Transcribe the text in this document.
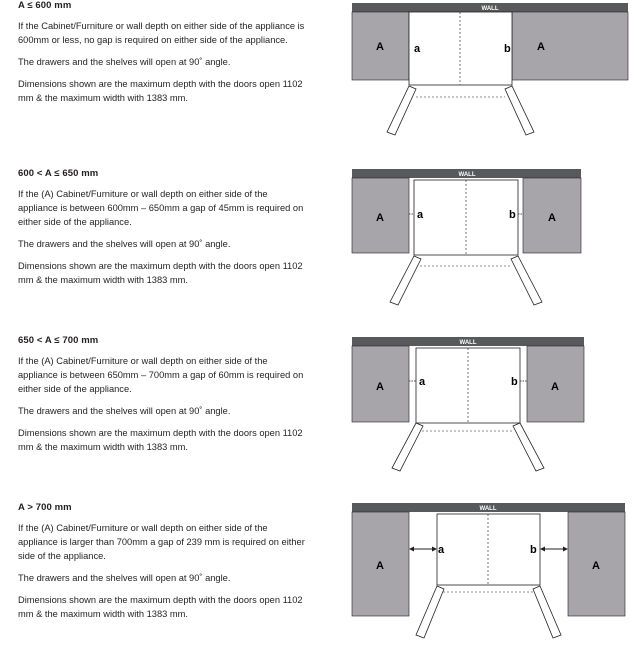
A ≤ 600 mm

If the Cabinet/Furniture or wall depth on either side of the appliance is 600mm or less, no gap is required on either side of the appliance.

The drawers and the shelves will open at 90˚ angle.

Dimensions shown are the maximum depth with the doors open 1102 mm & the maximum width with 1383 mm.

WALL
A	A
a	b
600 < A ≤ 650 mm

If the (A) Cabinet/Furniture or wall depth on either side of the appliance is between 600mm – 650mm a gap of 45mm is required on either side of the appliance.

The drawers and the shelves will open at 90˚ angle.

Dimensions shown are the maximum depth with the doors open 1102 mm & the maximum width with 1383 mm.

WALL
A	A
a	b
650 < A ≤ 700 mm

If the (A) Cabinet/Furniture or wall depth on either side of the appliance is between 650mm – 700mm a gap of 60mm is required on either side of the appliance.

The drawers and the shelves will open at 90˚ angle.

Dimensions shown are the maximum depth with the doors open 1102 mm & the maximum width with 1383 mm.

WALL
A	A
a	b
A > 700 mm

If the (A) Cabinet/Furniture or wall depth on either side of the appliance is larger than 700mm a gap of 239 mm is required on either side of the appliance.

The drawers and the shelves will open at 90˚ angle.

Dimensions shown are the maximum depth with the doors open 1102 mm & the maximum width with 1383 mm.

WALL
A	A
a	b
